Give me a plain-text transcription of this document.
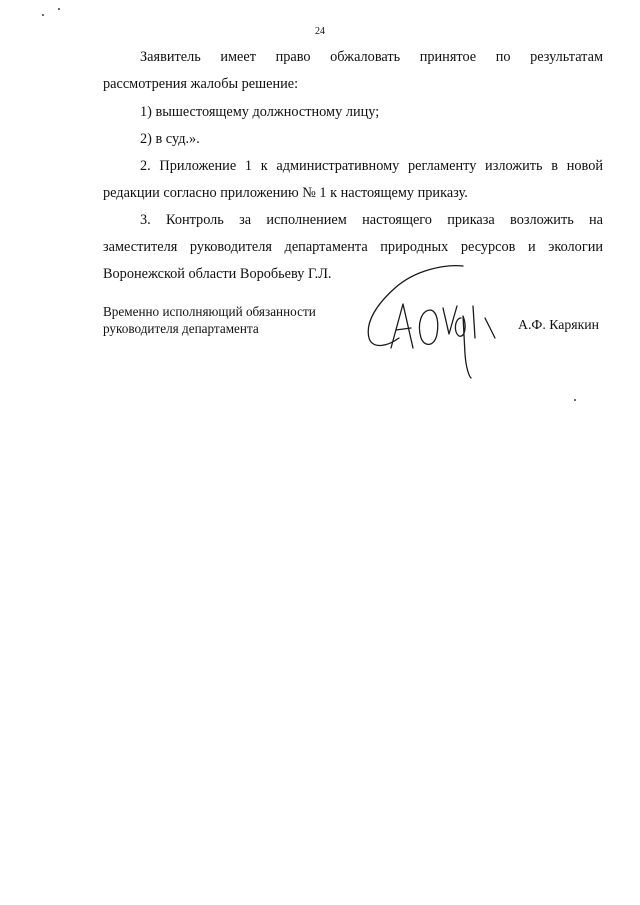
24
Заявитель имеет право обжаловать принятое по результатам
рассмотрения жалобы решение:
1) вышестоящему должностному лицу;
2) в суд.».
2. Приложение 1 к административному регламенту изложить в новой
редакции согласно приложению № 1 к настоящему приказу.
3. Контроль за исполнением настоящего приказа возложить на
заместителя руководителя департамента природных ресурсов и экологии
Воронежской области Воробьеву Г.Л.
Временно исполняющий обязанности
руководителя департамента	А.Ф. Карякин
